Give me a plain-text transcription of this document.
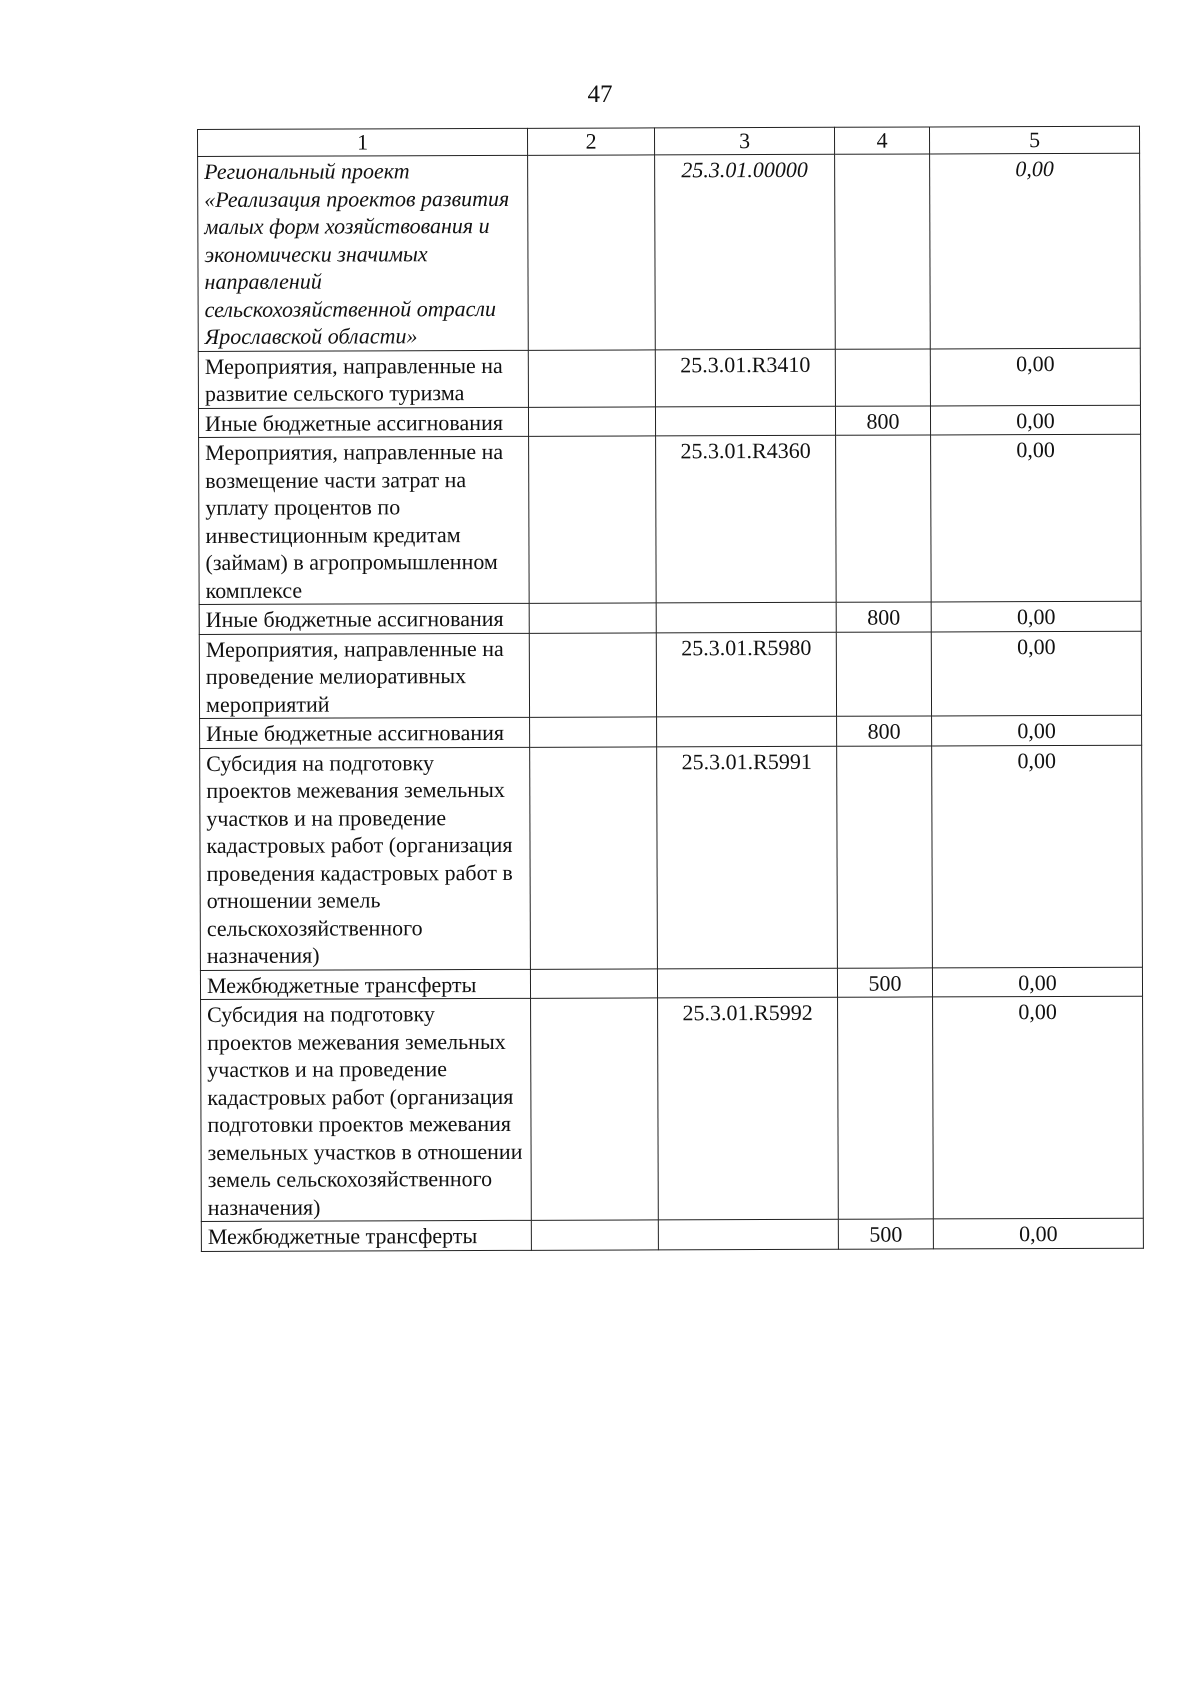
47
1	2	3	4	5
Региональный проект «Реализация проектов развития малых форм хозяйствования и экономически значимых направлений сельскохозяйственной отрасли Ярославской области»		25.3.01.00000		0,00
Мероприятия, направленные на развитие сельского туризма		25.3.01.R3410		0,00
Иные бюджетные ассигнования			800	0,00
Мероприятия, направленные на возмещение части затрат на уплату процентов по инвестиционным кредитам (займам) в агропромышленном комплексе		25.3.01.R4360		0,00
Иные бюджетные ассигнования			800	0,00
Мероприятия, направленные на проведение мелиоративных мероприятий		25.3.01.R5980		0,00
Иные бюджетные ассигнования			800	0,00
Субсидия на подготовку проектов межевания земельных участков и на проведение кадастровых работ (организация проведения кадастровых работ в отношении земель сельскохозяйственного назначения)		25.3.01.R5991		0,00
Межбюджетные трансферты			500	0,00
Субсидия на подготовку проектов межевания земельных участков и на проведение кадастровых работ (организация подготовки проектов межевания земельных участков в отношении земель сельскохозяйственного назначения)		25.3.01.R5992		0,00
Межбюджетные трансферты			500	0,00
